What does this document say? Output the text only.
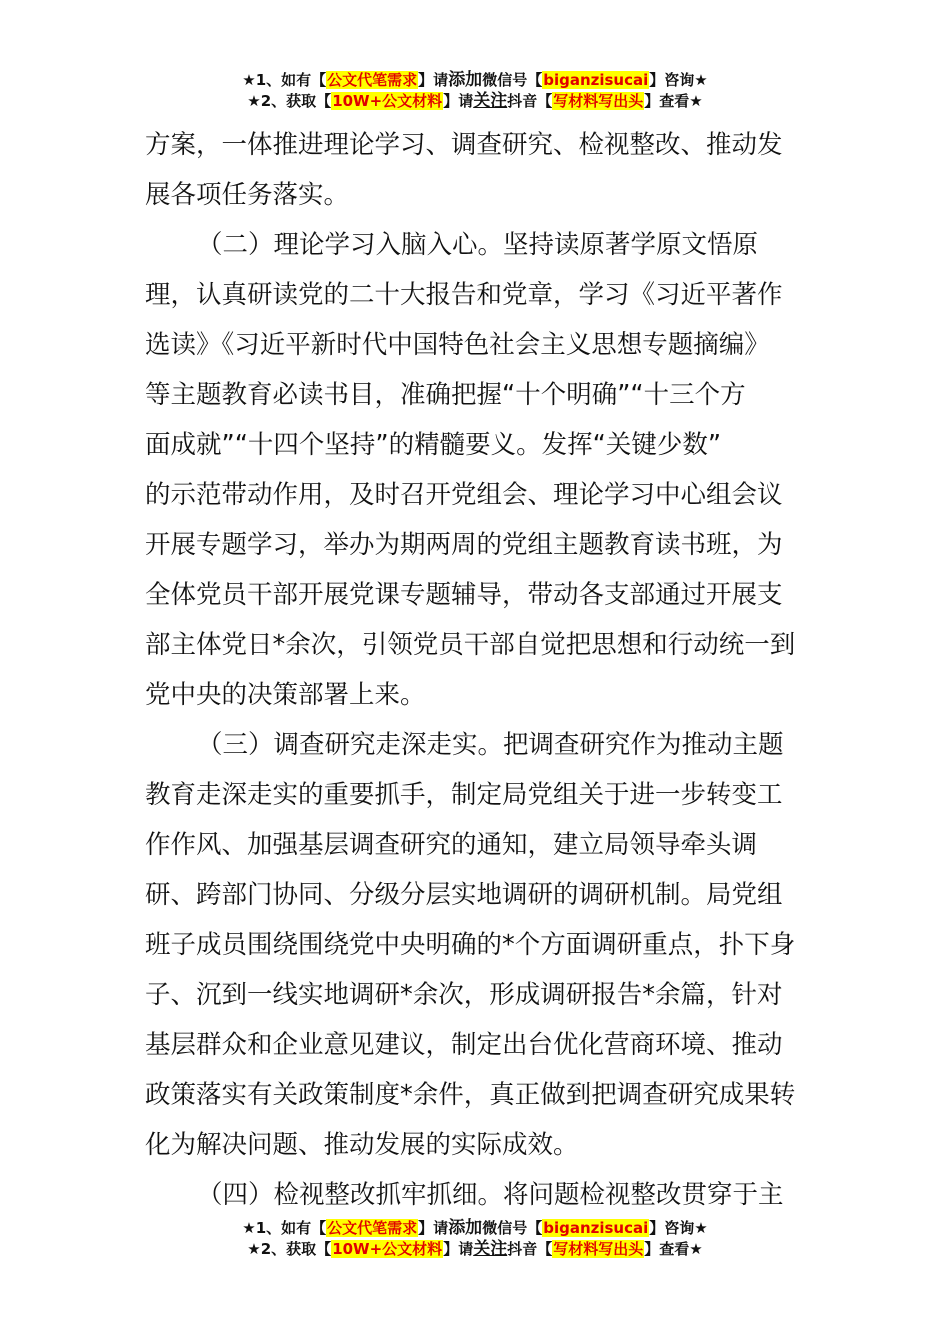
★1、如有【公文代笔需求】请添加微信号【biganzisucai】咨询★
★2、获取【10W+公文材料】请关注抖音【写材料写出头】查看★
方案，一体推进理论学习、调查研究、检视整改、推动发
展各项任务落实。
（二）理论学习入脑入心。坚持读原著学原文悟原
理，认真研读党的二十大报告和党章，学习《习近平著作
选读》《习近平新时代中国特色社会主义思想专题摘编》
等主题教育必读书目，准确把握“十个明确”“十三个方
面成就”“十四个坚持”的精髓要义。发挥“关键少数”
的示范带动作用，及时召开党组会、理论学习中心组会议
开展专题学习，举办为期两周的党组主题教育读书班，为
全体党员干部开展党课专题辅导，带动各支部通过开展支
部主体党日*余次，引领党员干部自觉把思想和行动统一到
党中央的决策部署上来。
（三）调查研究走深走实。把调查研究作为推动主题
教育走深走实的重要抓手，制定局党组关于进一步转变工
作作风、加强基层调查研究的通知，建立局领导牵头调
研、跨部门协同、分级分层实地调研的调研机制。局党组
班子成员围绕围绕党中央明确的*个方面调研重点，扑下身
子、沉到一线实地调研*余次，形成调研报告*余篇，针对
基层群众和企业意见建议，制定出台优化营商环境、推动
政策落实有关政策制度*余件，真正做到把调查研究成果转
化为解决问题、推动发展的实际成效。
（四）检视整改抓牢抓细。将问题检视整改贯穿于主
★1、如有【公文代笔需求】请添加微信号【biganzisucai】咨询★
★2、获取【10W+公文材料】请关注抖音【写材料写出头】查看★
